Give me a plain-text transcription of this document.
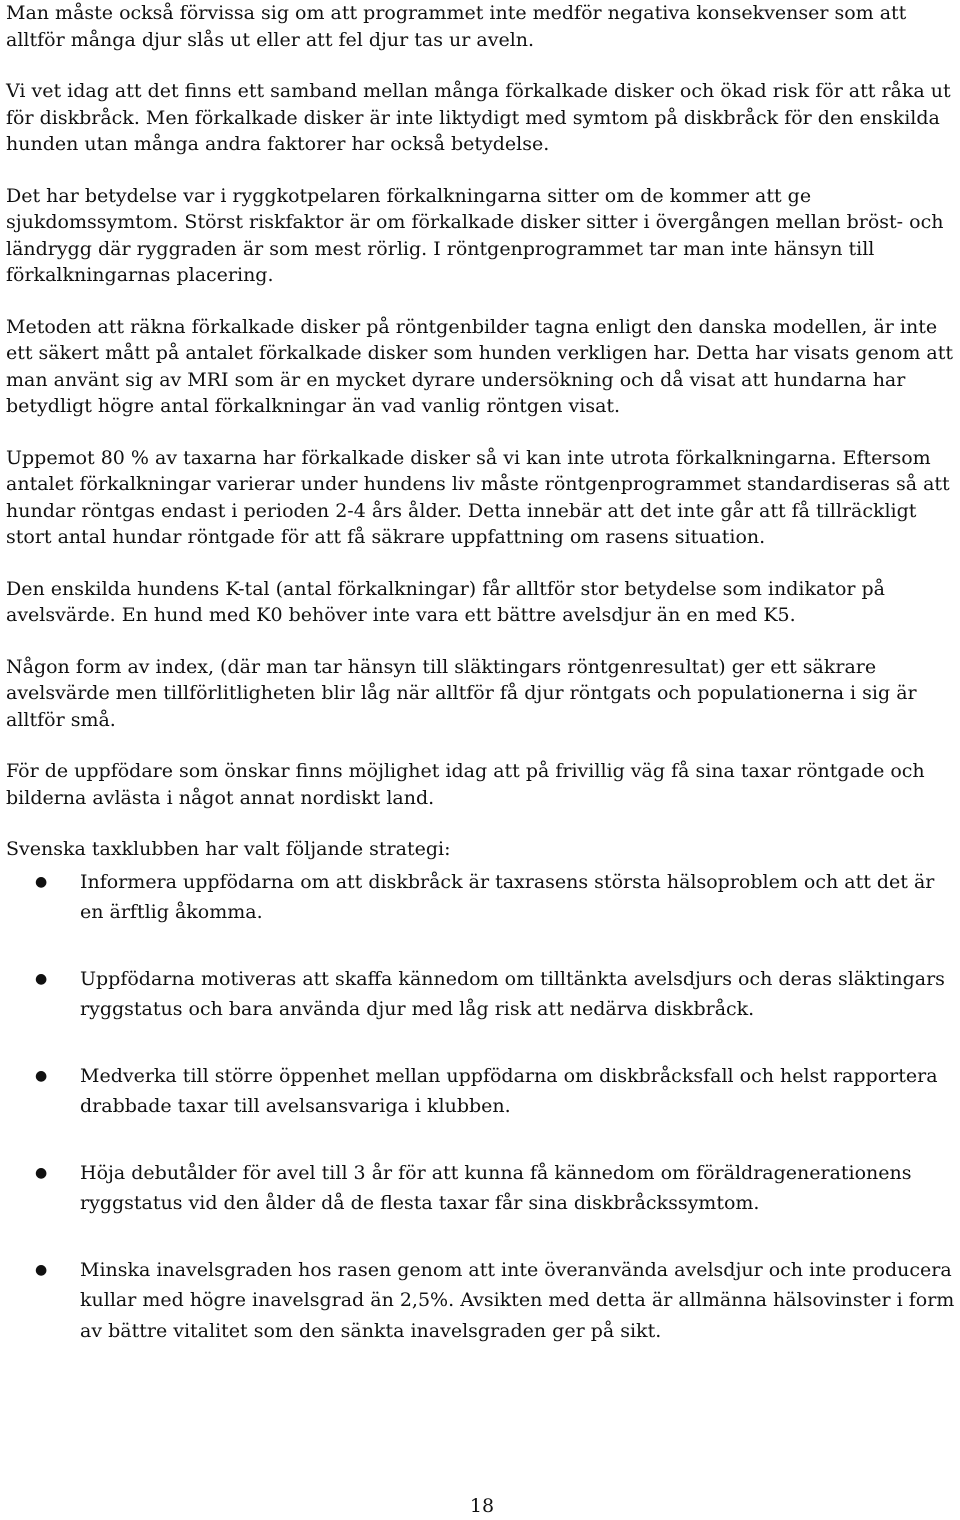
Man måste också förvissa sig om att programmet inte medför negativa konsekvenser som att alltför många djur slås ut eller att fel djur tas ur aveln.

Vi vet idag att det finns ett samband mellan många förkalkade disker och ökad risk för att råka ut för diskbråck. Men förkalkade disker är inte liktydigt med symtom på diskbråck för den enskilda hunden utan många andra faktorer har också betydelse.

Det har betydelse var i ryggkotpelaren förkalkningarna sitter om de kommer att ge sjukdomssymtom. Störst riskfaktor är om förkalkade disker sitter i övergången mellan bröst- och ländrygg där ryggraden är som mest rörlig. I röntgenprogrammet tar man inte hänsyn till förkalkningarnas placering.

Metoden att räkna förkalkade disker på röntgenbilder tagna enligt den danska modellen, är inte ett säkert mått på antalet förkalkade disker som hunden verkligen har. Detta har visats genom att man använt sig av MRI som är en mycket dyrare undersökning och då visat att hundarna har betydligt högre antal förkalkningar än vad vanlig röntgen visat.

Uppemot 80 % av taxarna har förkalkade disker så vi kan inte utrota förkalkningarna. Eftersom antalet förkalkningar varierar under hundens liv måste röntgenprogrammet standardiseras så att hundar röntgas endast i perioden 2-4 års ålder. Detta innebär att det inte går att få tillräckligt stort antal hundar röntgade för att få säkrare uppfattning om rasens situation.

Den enskilda hundens K-tal (antal förkalkningar) får alltför stor betydelse som indikator på avelsvärde. En hund med K0 behöver inte vara ett bättre avelsdjur än en med K5.

Någon form av index, (där man tar hänsyn till släktingars röntgenresultat) ger ett säkrare avelsvärde men tillförlitligheten blir låg när alltför få djur röntgats och populationerna i sig är alltför små.

För de uppfödare som önskar finns möjlighet idag att på frivillig väg få sina taxar röntgade och bilderna avlästa i något annat nordiskt land.

Svenska taxklubben har valt följande strategi:

● Informera uppfödarna om att diskbråck är taxrasens största hälsoproblem och att det är en ärftlig åkomma.
● Uppfödarna motiveras att skaffa kännedom om tilltänkta avelsdjurs och deras släktingars ryggstatus och bara använda djur med låg risk att nedärva diskbråck.
● Medverka till större öppenhet mellan uppfödarna om diskbråcksfall och helst rapportera drabbade taxar till avelsansvariga i klubben.
● Höja debutålder för avel till 3 år för att kunna få kännedom om föräldragenerationens ryggstatus vid den ålder då de flesta taxar får sina diskbråckssymtom.
● Minska inavelsgraden hos rasen genom att inte överanvända avelsdjur och inte producera kullar med högre inavelsgrad än 2,5%. Avsikten med detta är allmänna hälsovinster i form av bättre vitalitet som den sänkta inavelsgraden ger på sikt.
18
